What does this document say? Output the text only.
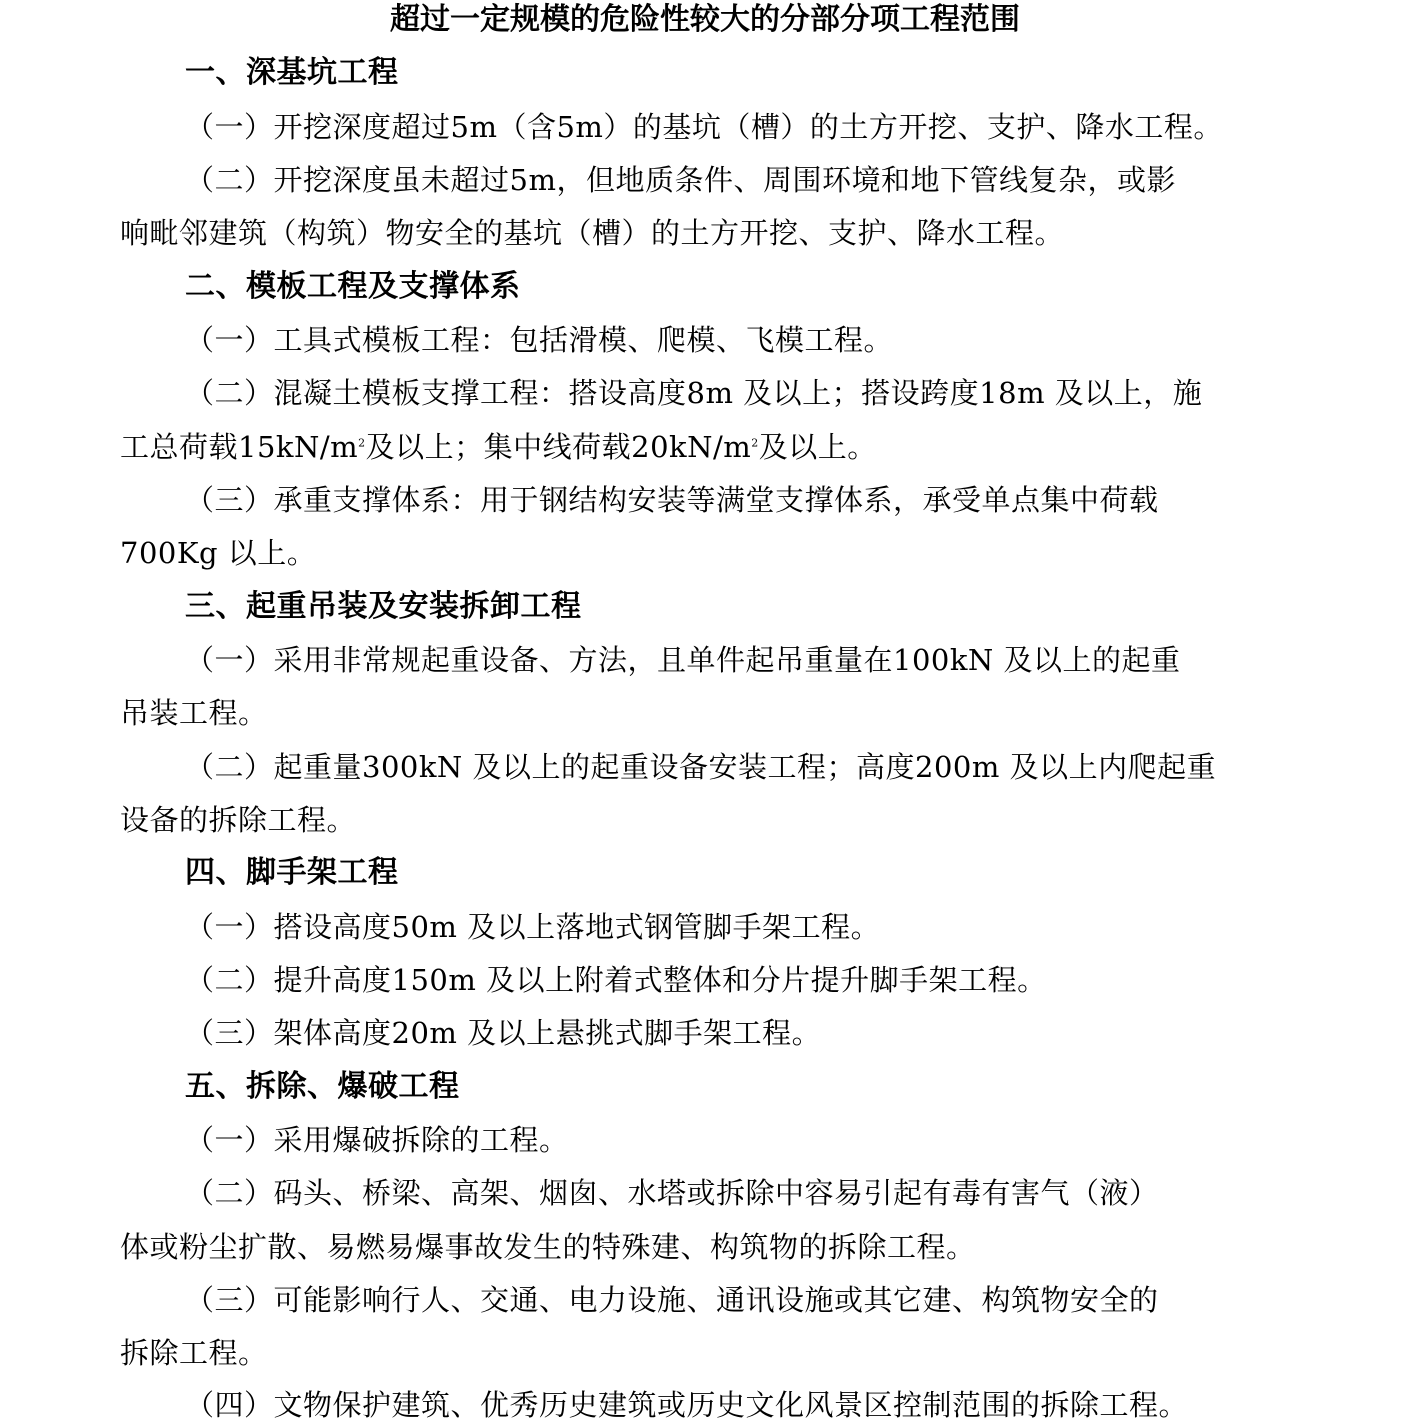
超过一定规模的危险性较大的分部分项工程范围
一、深基坑工程
（一）开挖深度超过5m（含5m）的基坑（槽）的土方开挖、支护、降水工程。
（二）开挖深度虽未超过5m，但地质条件、周围环境和地下管线复杂，或影
响毗邻建筑（构筑）物安全的基坑（槽）的土方开挖、支护、降水工程。
二、模板工程及支撑体系
（一）工具式模板工程：包括滑模、爬模、飞模工程。
（二）混凝土模板支撑工程：搭设高度8m 及以上；搭设跨度18m 及以上，施
工总荷载$15kN/m^2$及以上；集中线荷载$20kN/m^2$及以上。
（三）承重支撑体系：用于钢结构安装等满堂支撑体系，承受单点集中荷载
700Kg 以上。
三、起重吊装及安装拆卸工程
（一）采用非常规起重设备、方法，且单件起吊重量在100kN 及以上的起重
吊装工程。
（二）起重量300kN 及以上的起重设备安装工程；高度200m 及以上内爬起重
设备的拆除工程。
四、脚手架工程
（一）搭设高度50m 及以上落地式钢管脚手架工程。
（二）提升高度150m 及以上附着式整体和分片提升脚手架工程。
（三）架体高度20m 及以上悬挑式脚手架工程。
五、拆除、爆破工程
（一）采用爆破拆除的工程。
（二）码头、桥梁、高架、烟囱、水塔或拆除中容易引起有毒有害气（液）
体或粉尘扩散、易燃易爆事故发生的特殊建、构筑物的拆除工程。
（三）可能影响行人、交通、电力设施、通讯设施或其它建、构筑物安全的
拆除工程。
（四）文物保护建筑、优秀历史建筑或历史文化风景区控制范围的拆除工程。
